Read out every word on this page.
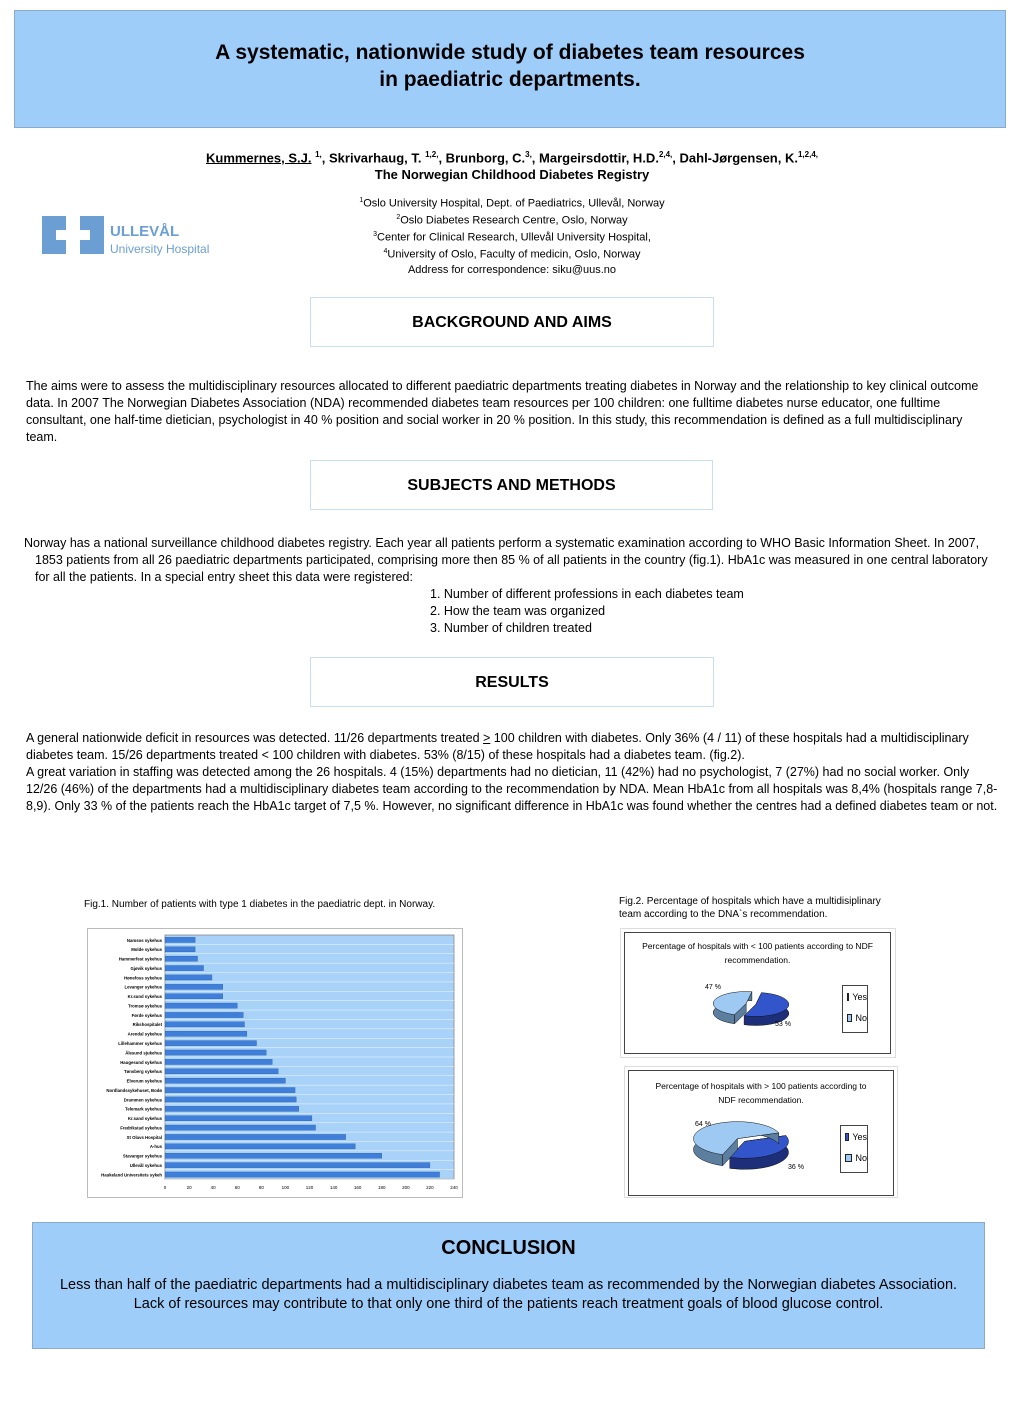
A systematic, nationwide study of diabetes team resources
in paediatric departments.
Kummernes, S.J. $^{1,}$, Skrivarhaug, T. $^{1,2,}$, Brunborg, C.$^{3,}$, Margeirsdottir, H.D.$^{2,4,}$, Dahl-Jørgensen, K.$^{1,2,4,}$
The Norwegian Childhood Diabetes Registry
ULLEVÅL
University Hospital
$^1$Oslo University Hospital, Dept. of Paediatrics, Ullevål, Norway
$^2$Oslo Diabetes Research Centre, Oslo, Norway
$^3$Center for Clinical Research, Ullevål University Hospital,
$^4$University of Oslo, Faculty of medicin, Oslo, Norway
Address for correspondence: siku@uus.no
BACKGROUND AND AIMS

The aims were to assess the multidisciplinary resources allocated to different paediatric departments treating diabetes in Norway and the relationship to key clinical outcome data. In 2007 The Norwegian Diabetes Association (NDA) recommended diabetes team resources per 100 children: one fulltime diabetes nurse educator, one fulltime consultant, one half-time dietician, psychologist in 40 % position and social worker in 20 % position. In this study, this recommendation is defined as a full multidisciplinary team.

SUBJECTS AND METHODS

Norway has a national surveillance childhood diabetes registry. Each year all patients perform a systematic examination according to WHO Basic Information Sheet. In 2007, 1853 patients from all 26 paediatric departments participated, comprising more then 85 % of all patients in the country (fig.1). HbA1c was measured in one central laboratory for all the patients. In a special entry sheet this data were registered:

1. Number of different professions in each diabetes team
2. How the team was organized
3. Number of children treated
RESULTS

A general nationwide deficit in resources was detected. 11/26 departments treated > 100 children with diabetes. Only 36% (4 / 11) of these hospitals had a multidisciplinary diabetes team. 15/26 departments treated < 100 children with diabetes. 53% (8/15) of these hospitals had a diabetes team. (fig.2).

A great variation in staffing was detected among the 26 hospitals. 4 (15%) departments had no dietician, 11 (42%) had no psychologist, 7 (27%) had no social worker. Only 12/26 (46%) of the departments had a multidisciplinary diabetes team according to the recommendation by NDA. Mean HbA1c from all hospitals was 8,4% (hospitals range 7,8-8,9). Only 33 % of the patients reach the HbA1c target of 7,5 %. However, no significant difference in HbA1c was found whether the centres had a defined diabetes team or not.

Fig.1. Number of patients with type 1 diabetes in the paediatric dept. in Norway.
Namsos sykehus
Molde sykehus
Hammerfest sykehus
Gjøvik sykehus
Hønefoss sykehus
Levanger sykehus
Kr.sund sykehus
Tromsø sykehus
Førde sykehus
Rikshospitalet
Arendal sykehus
Lillehammer sykehus
Ålesund sjukehus
Haugesund sykehus
Tønsberg sykehus
Elverum sykehus
Nordlandssykehuset, Bodø
Drammen sykehus
Telemark sykehus
Kr.sand sykehus
Fredrikstad sykehus
St Olavs Hospital
A-hus
Stavanger sykehus
Ullevål sykehus
Haukeland Universitets sykeh
0	20	40	60	80	100	120	140	160	180	200	220	240
Fig.2. Percentage of hospitals which have a multidisiplinary
team according to the DNA`s recommendation.
Percentage of hospitals with < 100 patients according to NDF
recommendation.
53 %
47 %
Yes
No
Percentage of hospitals with > 100 patients according to
NDF recommendation.
36 %
64 %
Yes
No
CONCLUSION

Less than half of the paediatric departments had a multidisciplinary diabetes team as recommended by the Norwegian diabetes Association. Lack of resources may contribute to that only one third of the patients reach treatment goals of blood glucose control.
